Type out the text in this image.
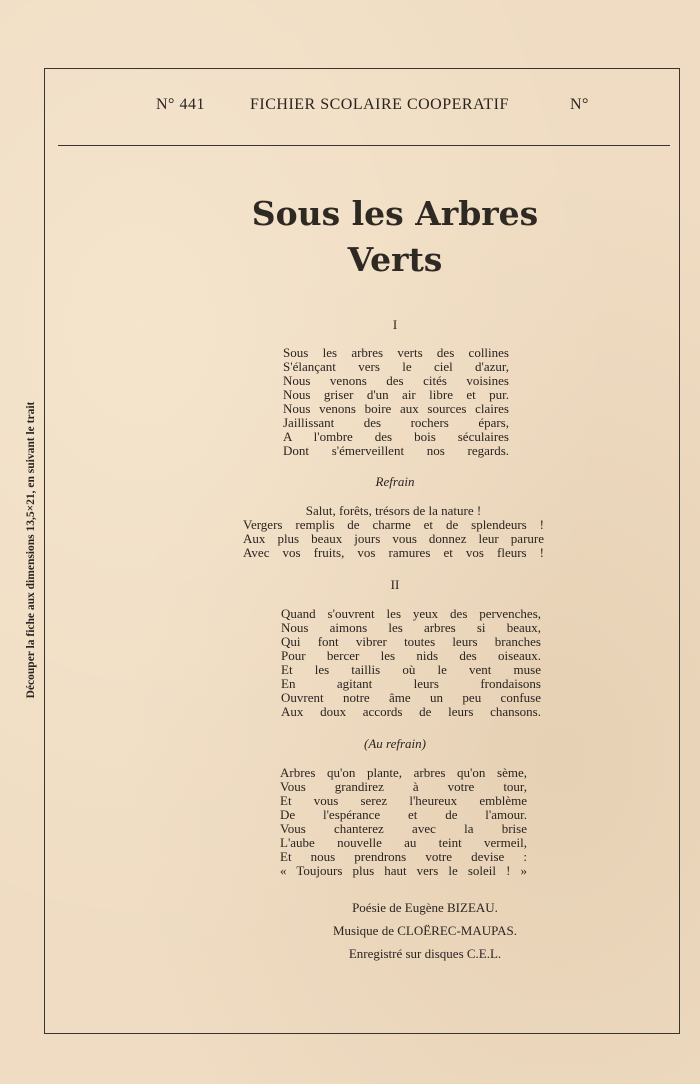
N° 441	FICHIER SCOLAIRE COOPERATIF	N°
Découper la fiche aux dimensions 13,5×21, en suivant le trait
Sous les Arbres
Verts
I
Sous les arbres verts des collines
S'élançant vers le ciel d'azur,
Nous venons des cités voisines
Nous griser d'un air libre et pur.
Nous venons boire aux sources claires
Jaillissant des rochers épars,
A l'ombre des bois séculaires
Dont s'émerveillent nos regards.
Refrain
Salut, forêts, trésors de la nature !
Vergers remplis de charme et de splendeurs !
Aux plus beaux jours vous donnez leur parure
Avec vos fruits, vos ramures et vos fleurs !
II
Quand s'ouvrent les yeux des pervenches,
Nous aimons les arbres si beaux,
Qui font vibrer toutes leurs branches
Pour bercer les nids des oiseaux.
Et les taillis où le vent muse
En agitant leurs frondaisons
Ouvrent notre âme un peu confuse
Aux doux accords de leurs chansons.
(Au refrain)
Arbres qu'on plante, arbres qu'on sème,
Vous grandirez à votre tour,
Et vous serez l'heureux emblème
De l'espérance et de l'amour.
Vous chanterez avec la brise
L'aube nouvelle au teint vermeil,
Et nous prendrons votre devise :
« Toujours plus haut vers le soleil ! »
Poésie de Eugène BIZEAU.
Musique de CLOËREC-MAUPAS.
Enregistré sur disques C.E.L.
